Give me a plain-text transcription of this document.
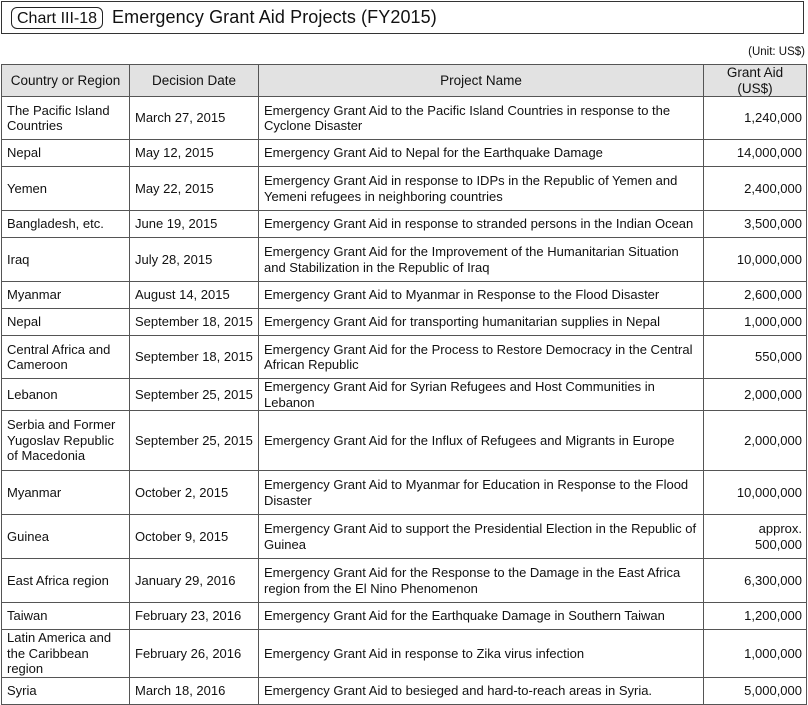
Chart III-18 Emergency Grant Aid Projects (FY2015)
(Unit: US$)
Country or Region	Decision Date	Project Name	Grant Aid (US$)
The Pacific Island Countries	March 27, 2015	Emergency Grant Aid to the Pacific Island Countries in response to the Cyclone Disaster	1,240,000
Nepal	May 12, 2015	Emergency Grant Aid to Nepal for the Earthquake Damage	14,000,000
Yemen	May 22, 2015	Emergency Grant Aid in response to IDPs in the Republic of Yemen and Yemeni refugees in neighboring countries	2,400,000
Bangladesh, etc.	June 19, 2015	Emergency Grant Aid in response to stranded persons in the Indian Ocean	3,500,000
Iraq	July 28, 2015	Emergency Grant Aid for the Improvement of the Humanitarian Situation and Stabilization in the Republic of Iraq	10,000,000
Myanmar	August 14, 2015	Emergency Grant Aid to Myanmar in Response to the Flood Disaster	2,600,000
Nepal	September 18, 2015	Emergency Grant Aid for transporting humanitarian supplies in Nepal	1,000,000
Central Africa and Cameroon	September 18, 2015	Emergency Grant Aid for the Process to Restore Democracy in the Central African Republic	550,000
Lebanon	September 25, 2015	Emergency Grant Aid for Syrian Refugees and Host Communities in Lebanon	2,000,000
Serbia and Former Yugoslav Republic of Macedonia	September 25, 2015	Emergency Grant Aid for the Influx of Refugees and Migrants in Europe	2,000,000
Myanmar	October 2, 2015	Emergency Grant Aid to Myanmar for Education in Response to the Flood Disaster	10,000,000
Guinea	October 9, 2015	Emergency Grant Aid to support the Presidential Election in the Republic of Guinea	approx. 500,000
East Africa region	January 29, 2016	Emergency Grant Aid for the Response to the Damage in the East Africa region from the El Nino Phenomenon	6,300,000
Taiwan	February 23, 2016	Emergency Grant Aid for the Earthquake Damage in Southern Taiwan	1,200,000
Latin America and the Caribbean region	February 26, 2016	Emergency Grant Aid in response to Zika virus infection	1,000,000
Syria	March 18, 2016	Emergency Grant Aid to besieged and hard-to-reach areas in Syria.	5,000,000
